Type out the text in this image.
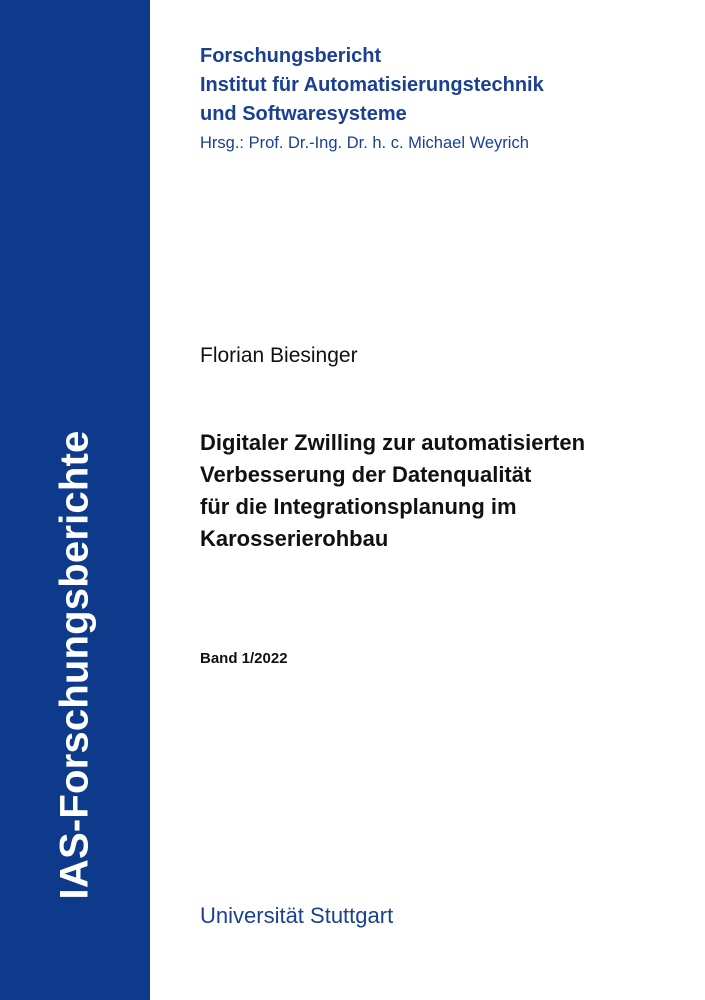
IAS-Forschungsberichte
Forschungsbericht
Institut für Automatisierungstechnik
und Softwaresysteme
Hrsg.: Prof. Dr.-Ing. Dr. h. c. Michael Weyrich
Florian Biesinger
Digitaler Zwilling zur automatisierten
Verbesserung der Datenqualität
für die Integrationsplanung im
Karosserierohbau
Band 1/2022
Universität Stuttgart
